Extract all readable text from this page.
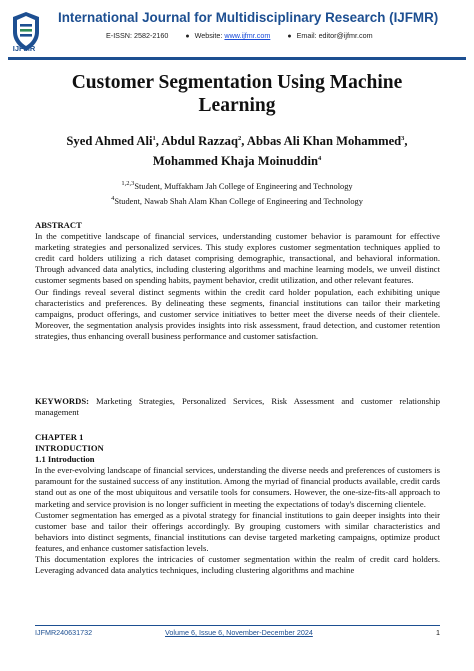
IJFMR
International Journal for Multidisciplinary Research (IJFMR)
E-ISSN: 2582-2160 ● Website: www.ijfmr.com ● Email: editor@ijfmr.com
Customer Segmentation Using Machine
Learning
Syed Ahmed Ali$^1$, Abdul Razzaq$^2$, Abbas Ali Khan Mohammed$^3$,
Mohammed Khaja Moinuddin$^4$
$^{1,2,3}$Student, Muffakham Jah College of Engineering and Technology
$^4$Student, Nawab Shah Alam Khan College of Engineering and Technology
ABSTRACT

In the competitive landscape of financial services, understanding customer behavior is paramount for effective marketing strategies and personalized services. This study explores customer segmentation techniques applied to credit card holders utilizing a rich dataset comprising demographic, transactional, and behavioral information. Through advanced data analytics, including clustering algorithms and machine learning models, we unveil distinct customer segments based on spending habits, payment behavior, credit utilization, and other relevant features.

Our findings reveal several distinct segments within the credit card holder population, each exhibiting unique characteristics and preferences. By delineating these segments, financial institutions can tailor their marketing campaigns, product offerings, and customer service initiatives to better meet the diverse needs of their clientele. Moreover, the segmentation analysis provides insights into risk assessment, fraud detection, and customer retention strategies, thus enhancing overall business performance and customer satisfaction.

KEYWORDS: Marketing Strategies, Personalized Services, Risk Assessment and customer relationship management
CHAPTER 1
INTRODUCTION
1.1 Introduction

In the ever-evolving landscape of financial services, understanding the diverse needs and preferences of customers is paramount for the sustained success of any institution. Among the myriad of financial products available, credit cards stand out as one of the most ubiquitous and versatile tools for consumers. However, the one-size-fits-all approach to marketing and service provision is no longer sufficient in meeting the expectations of today's discerning clientele.

Customer segmentation has emerged as a pivotal strategy for financial institutions to gain deeper insights into their customer base and tailor their offerings accordingly. By grouping customers with similar characteristics and behaviors into distinct segments, financial institutions can devise targeted marketing campaigns, optimize product features, and enhance customer satisfaction levels.

This documentation explores the intricacies of customer segmentation within the realm of credit card holders. Leveraging advanced data analytics techniques, including clustering algorithms and machine

IJFMR240631732	Volume 6, Issue 6, November-December 2024	1
